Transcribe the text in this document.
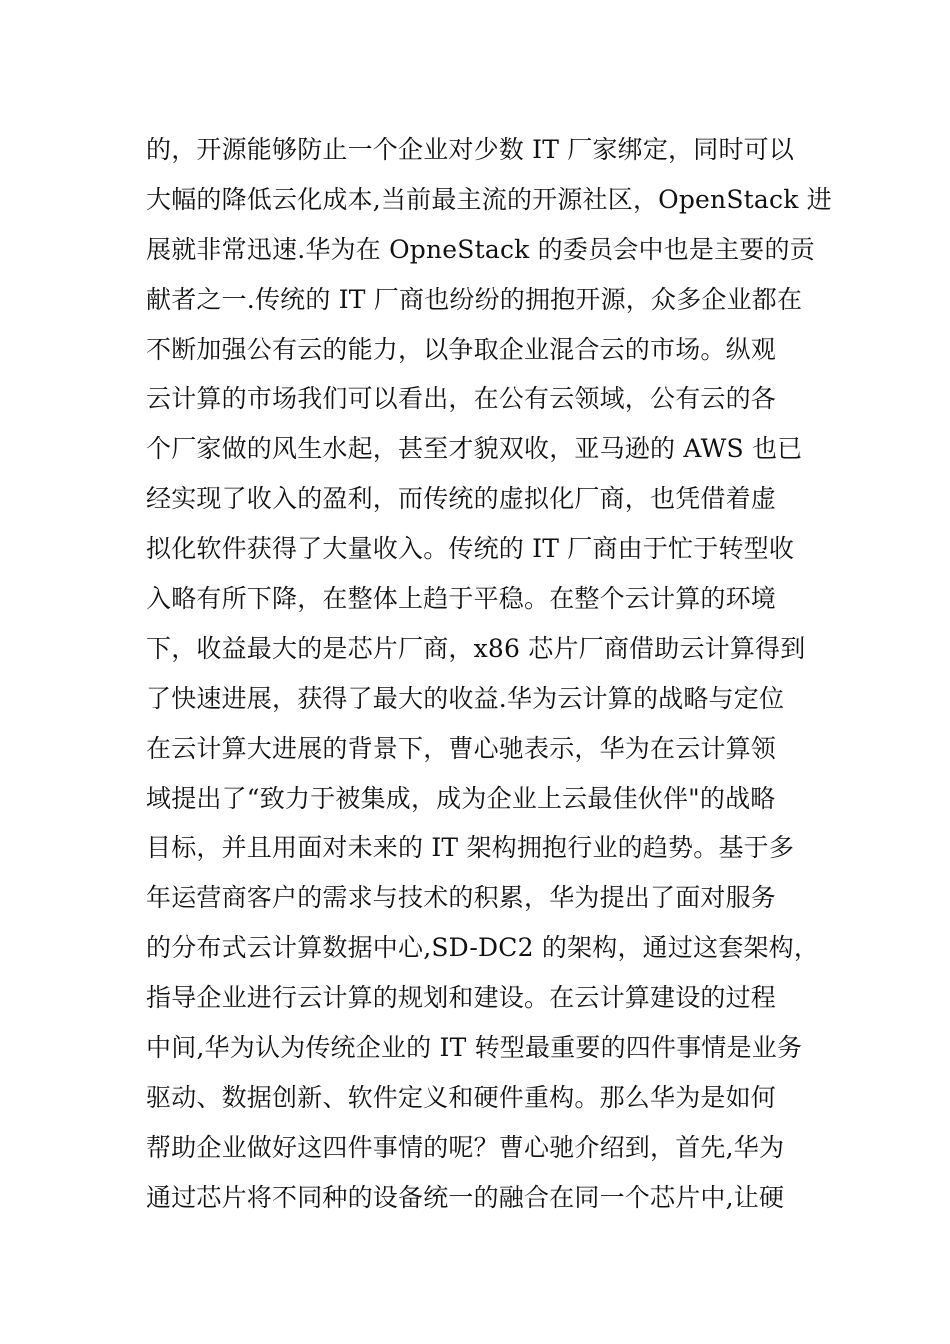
的，开源能够防止一个企业对少数 IT 厂家绑定，同时可以
大幅的降低云化成本,当前最主流的开源社区，OpenStack 进
展就非常迅速.华为在 OpneStack 的委员会中也是主要的贡
献者之一.传统的 IT 厂商也纷纷的拥抱开源，众多企业都在
不断加强公有云的能力，以争取企业混合云的市场。纵观
云计算的市场我们可以看出，在公有云领域，公有云的各
个厂家做的风生水起，甚至才貌双收，亚马逊的 AWS 也已
经实现了收入的盈利，而传统的虚拟化厂商，也凭借着虚
拟化软件获得了大量收入。传统的 IT 厂商由于忙于转型收
入略有所下降，在整体上趋于平稳。在整个云计算的环境
下，收益最大的是芯片厂商，x86 芯片厂商借助云计算得到
了快速进展，获得了最大的收益.华为云计算的战略与定位
在云计算大进展的背景下，曹心驰表示，华为在云计算领
域提出了“致力于被集成，成为企业上云最佳伙伴"的战略
目标，并且用面对未来的 IT 架构拥抱行业的趋势。基于多
年运营商客户的需求与技术的积累，华为提出了面对服务
的分布式云计算数据中心,SD-DC2 的架构，通过这套架构，
指导企业进行云计算的规划和建设。在云计算建设的过程
中间,华为认为传统企业的 IT 转型最重要的四件事情是业务
驱动、数据创新、软件定义和硬件重构。那么华为是如何
帮助企业做好这四件事情的呢？曹心驰介绍到，首先,华为
通过芯片将不同种的设备统一的融合在同一个芯片中,让硬
